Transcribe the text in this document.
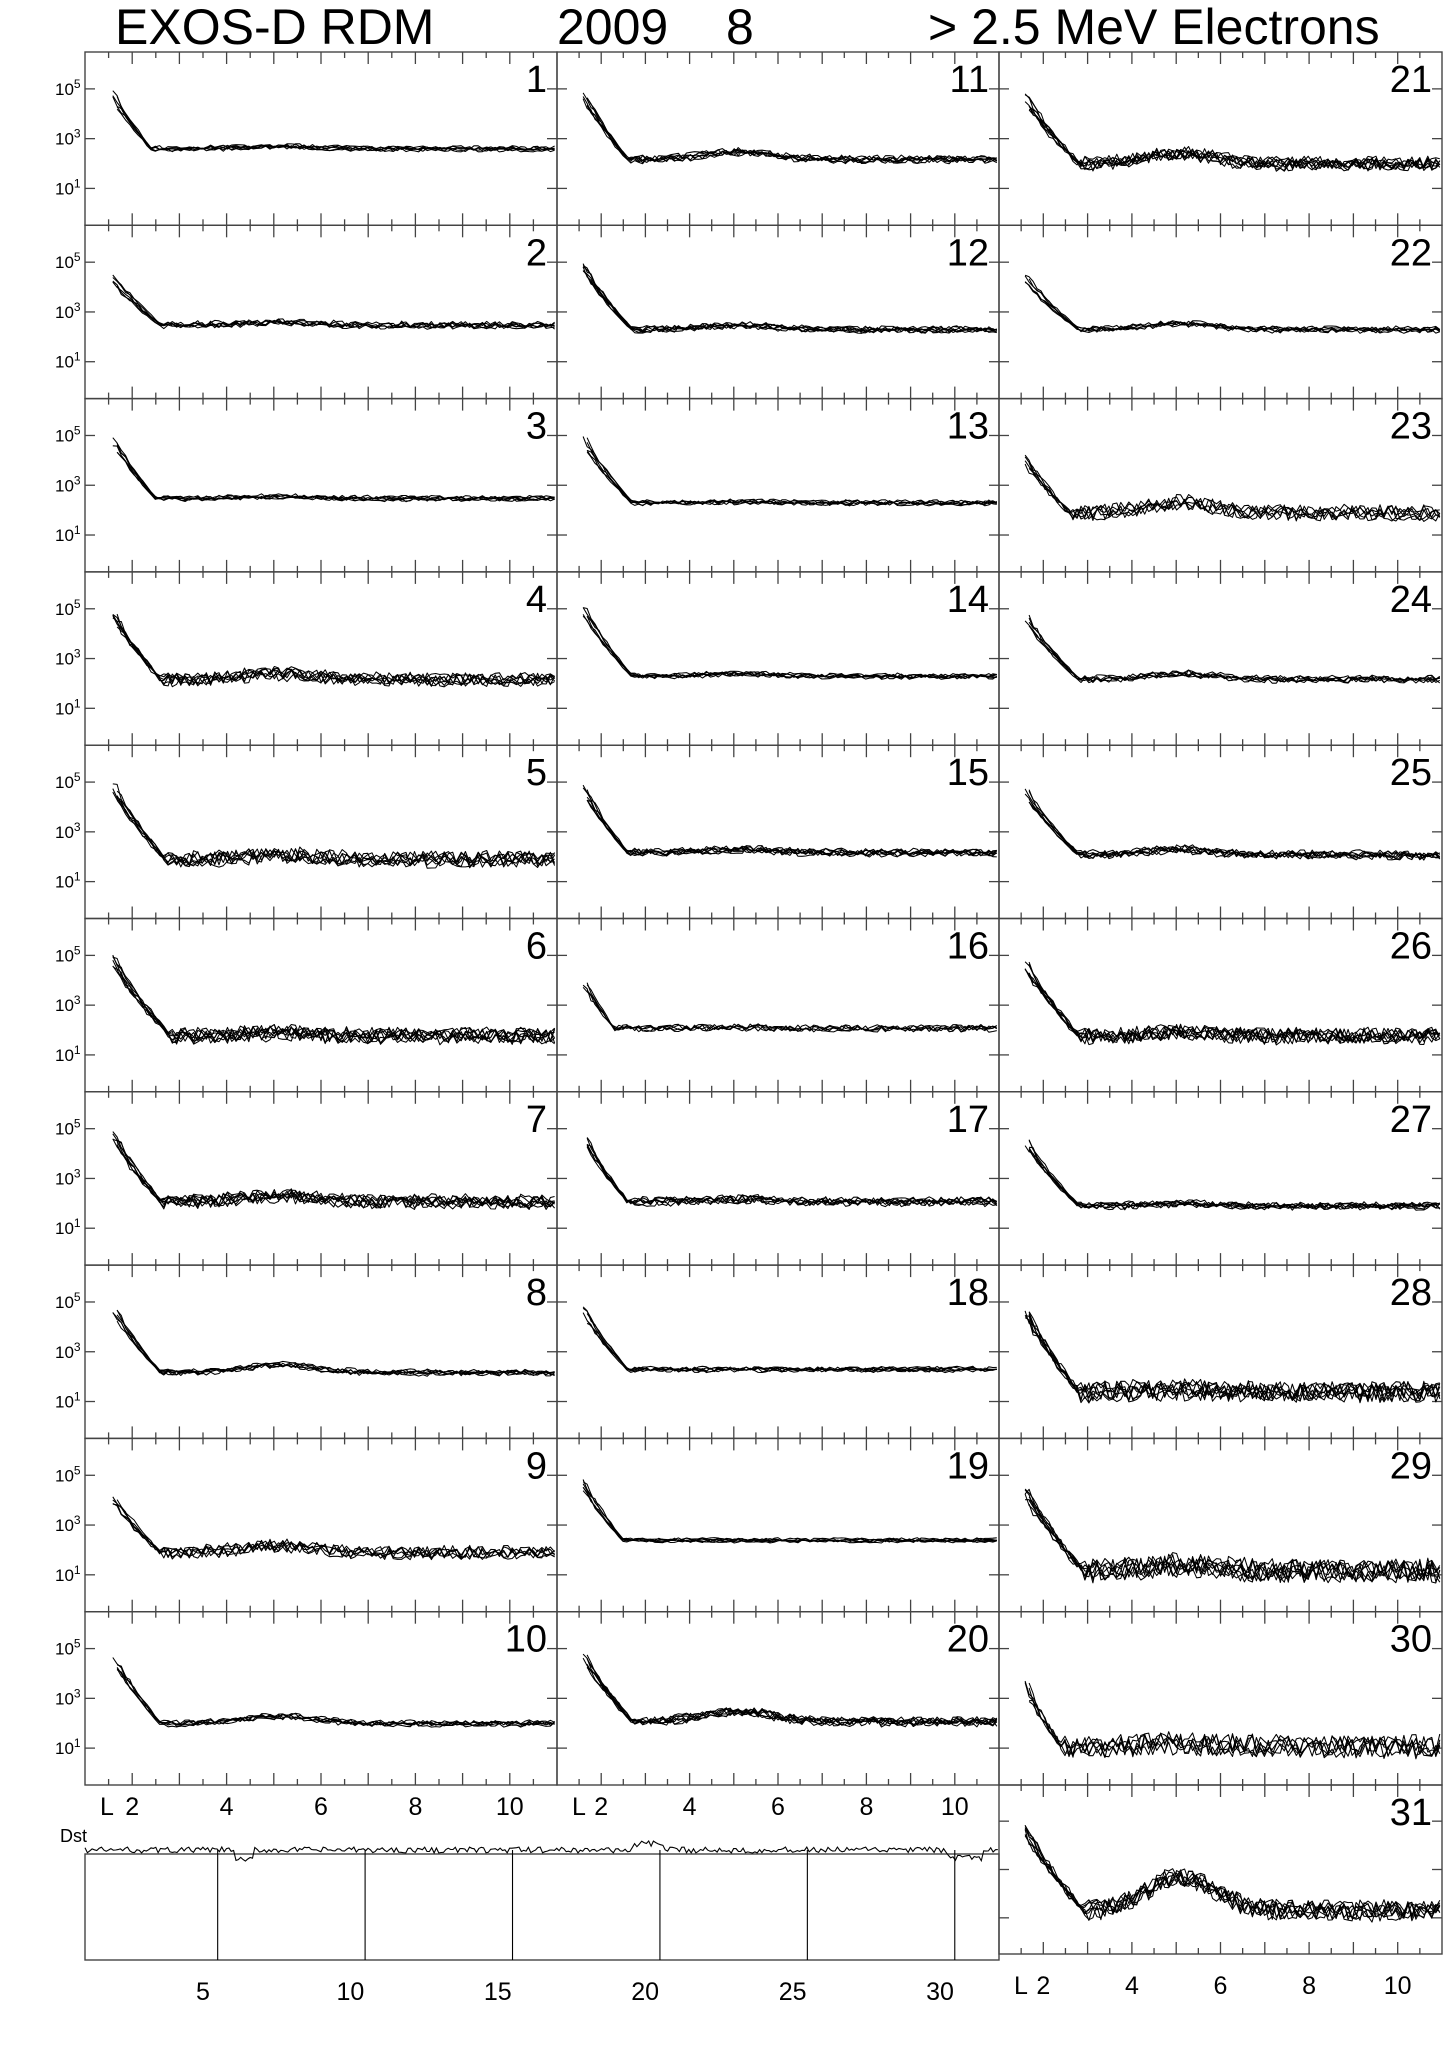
EXOS-D RDM 2009 8	> 2.5 MeV Electrons
$10^5$
$10^3$
$10^1$
1
$10^5$
$10^3$
$10^1$
2
$10^5$
$10^3$
$10^1$
3
$10^5$
$10^3$
$10^1$
4
$10^5$
$10^3$
$10^1$
5
$10^5$
$10^3$
$10^1$
6
$10^5$
$10^3$
$10^1$
7
$10^5$
$10^3$
$10^1$
8
$10^5$
$10^3$
$10^1$
9
$10^5$
$10^3$
$10^1$
10
11
12
13
14
15
16
17
18
19
20
21
22
23
24
25
26
27
28
29
30
31
L 2	4	6	8	10 L 2	4	6	8	10
L 2	4	6	8	10
Dst
5	10	15	20	25	30
